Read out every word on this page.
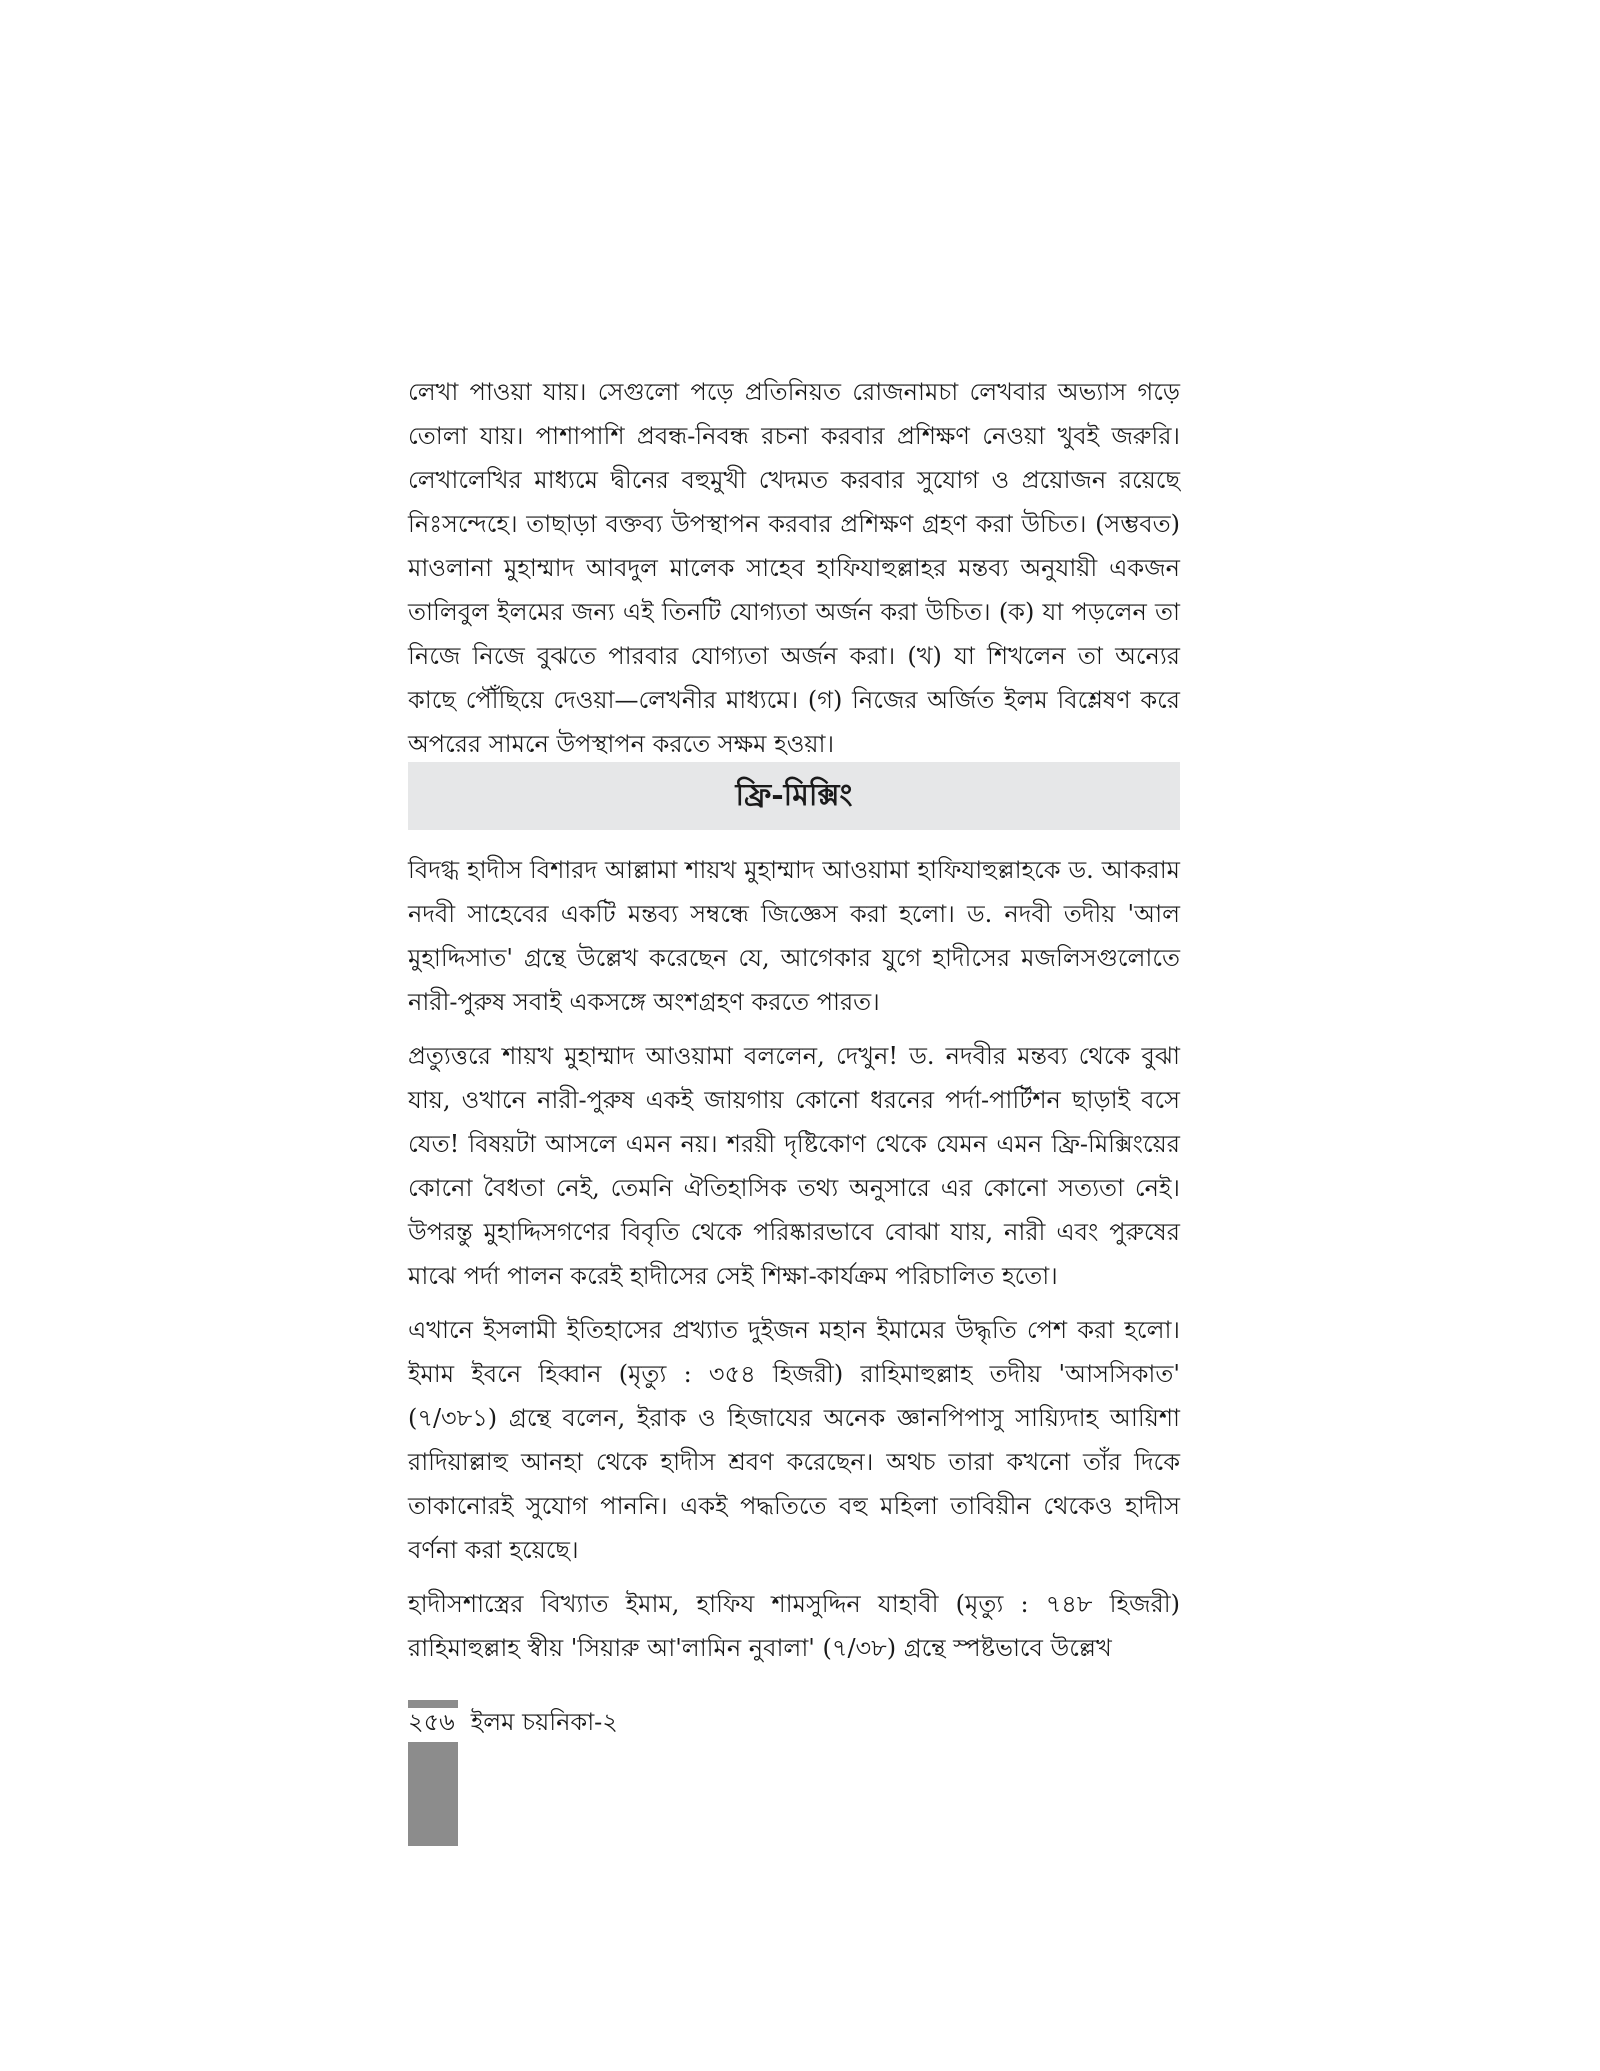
লেখা পাওয়া যায়। সেগুলো পড়ে প্রতিনিয়ত রোজনামচা লেখবার অভ্যাস গড়ে তোলা যায়। পাশাপাশি প্রবন্ধ-নিবন্ধ রচনা করবার প্রশিক্ষণ নেওয়া খুবই জরুরি। লেখালেখির মাধ্যমে দ্বীনের বহুমুখী খেদমত করবার সুযোগ ও প্রয়োজন রয়েছে নিঃসন্দেহে। তাছাড়া বক্তব্য উপস্থাপন করবার প্রশিক্ষণ গ্রহণ করা উচিত। (সম্ভবত) মাওলানা মুহাম্মাদ আবদুল মালেক সাহেব হাফিযাহুল্লাহর মন্তব্য অনুযায়ী একজন তালিবুল ইলমের জন্য এই তিনটি যোগ্যতা অর্জন করা উচিত। (ক) যা পড়লেন তা নিজে নিজে বুঝতে পারবার যোগ্যতা অর্জন করা। (খ) যা শিখলেন তা অন্যের কাছে পৌঁছিয়ে দেওয়া—লেখনীর মাধ্যমে। (গ) নিজের অর্জিত ইলম বিশ্লেষণ করে অপরের সামনে উপস্থাপন করতে সক্ষম হওয়া।

ফ্রি-মিক্সিং

বিদগ্ধ হাদীস বিশারদ আল্লামা শায়খ মুহাম্মাদ আওয়ামা হাফিযাহুল্লাহকে ড. আকরাম নদবী সাহেবের একটি মন্তব্য সম্বন্ধে জিজ্ঞেস করা হলো। ড. নদবী তদীয় 'আল মুহাদ্দিসাত' গ্রন্থে উল্লেখ করেছেন যে, আগেকার যুগে হাদীসের মজলিসগুলোতে নারী-পুরুষ সবাই একসঙ্গে অংশগ্রহণ করতে পারত।

প্রত্যুত্তরে শায়খ মুহাম্মাদ আওয়ামা বললেন, দেখুন! ড. নদবীর মন্তব্য থেকে বুঝা যায়, ওখানে নারী-পুরুষ একই জায়গায় কোনো ধরনের পর্দা-পার্টিশন ছাড়াই বসে যেত! বিষয়টা আসলে এমন নয়। শরয়ী দৃষ্টিকোণ থেকে যেমন এমন ফ্রি-মিক্সিংয়ের কোনো বৈধতা নেই, তেমনি ঐতিহাসিক তথ্য অনুসারে এর কোনো সত্যতা নেই। উপরন্তু মুহাদ্দিসগণের বিবৃতি থেকে পরিষ্কারভাবে বোঝা যায়, নারী এবং পুরুষের মাঝে পর্দা পালন করেই হাদীসের সেই শিক্ষা-কার্যক্রম পরিচালিত হতো।

এখানে ইসলামী ইতিহাসের প্রখ্যাত দুইজন মহান ইমামের উদ্ধৃতি পেশ করা হলো। ইমাম ইবনে হিব্বান (মৃত্যু : ৩৫৪ হিজরী) রাহিমাহুল্লাহ তদীয় 'আসসিকাত' (৭/৩৮১) গ্রন্থে বলেন, ইরাক ও হিজাযের অনেক জ্ঞানপিপাসু সায়্যিদাহ আয়িশা রাদিয়াল্লাহু আনহা থেকে হাদীস শ্রবণ করেছেন। অথচ তারা কখনো তাঁর দিকে তাকানোরই সুযোগ পাননি। একই পদ্ধতিতে বহু মহিলা তাবিয়ীন থেকেও হাদীস বর্ণনা করা হয়েছে।

হাদীসশাস্ত্রের বিখ্যাত ইমাম, হাফিয শামসুদ্দিন যাহাবী (মৃত্যু : ৭৪৮ হিজরী) রাহিমাহুল্লাহ স্বীয় 'সিয়ারু আ'লামিন নুবালা' (৭/৩৮) গ্রন্থে স্পষ্টভাবে উল্লেখ

২৫৬ ইলম চয়নিকা-২
